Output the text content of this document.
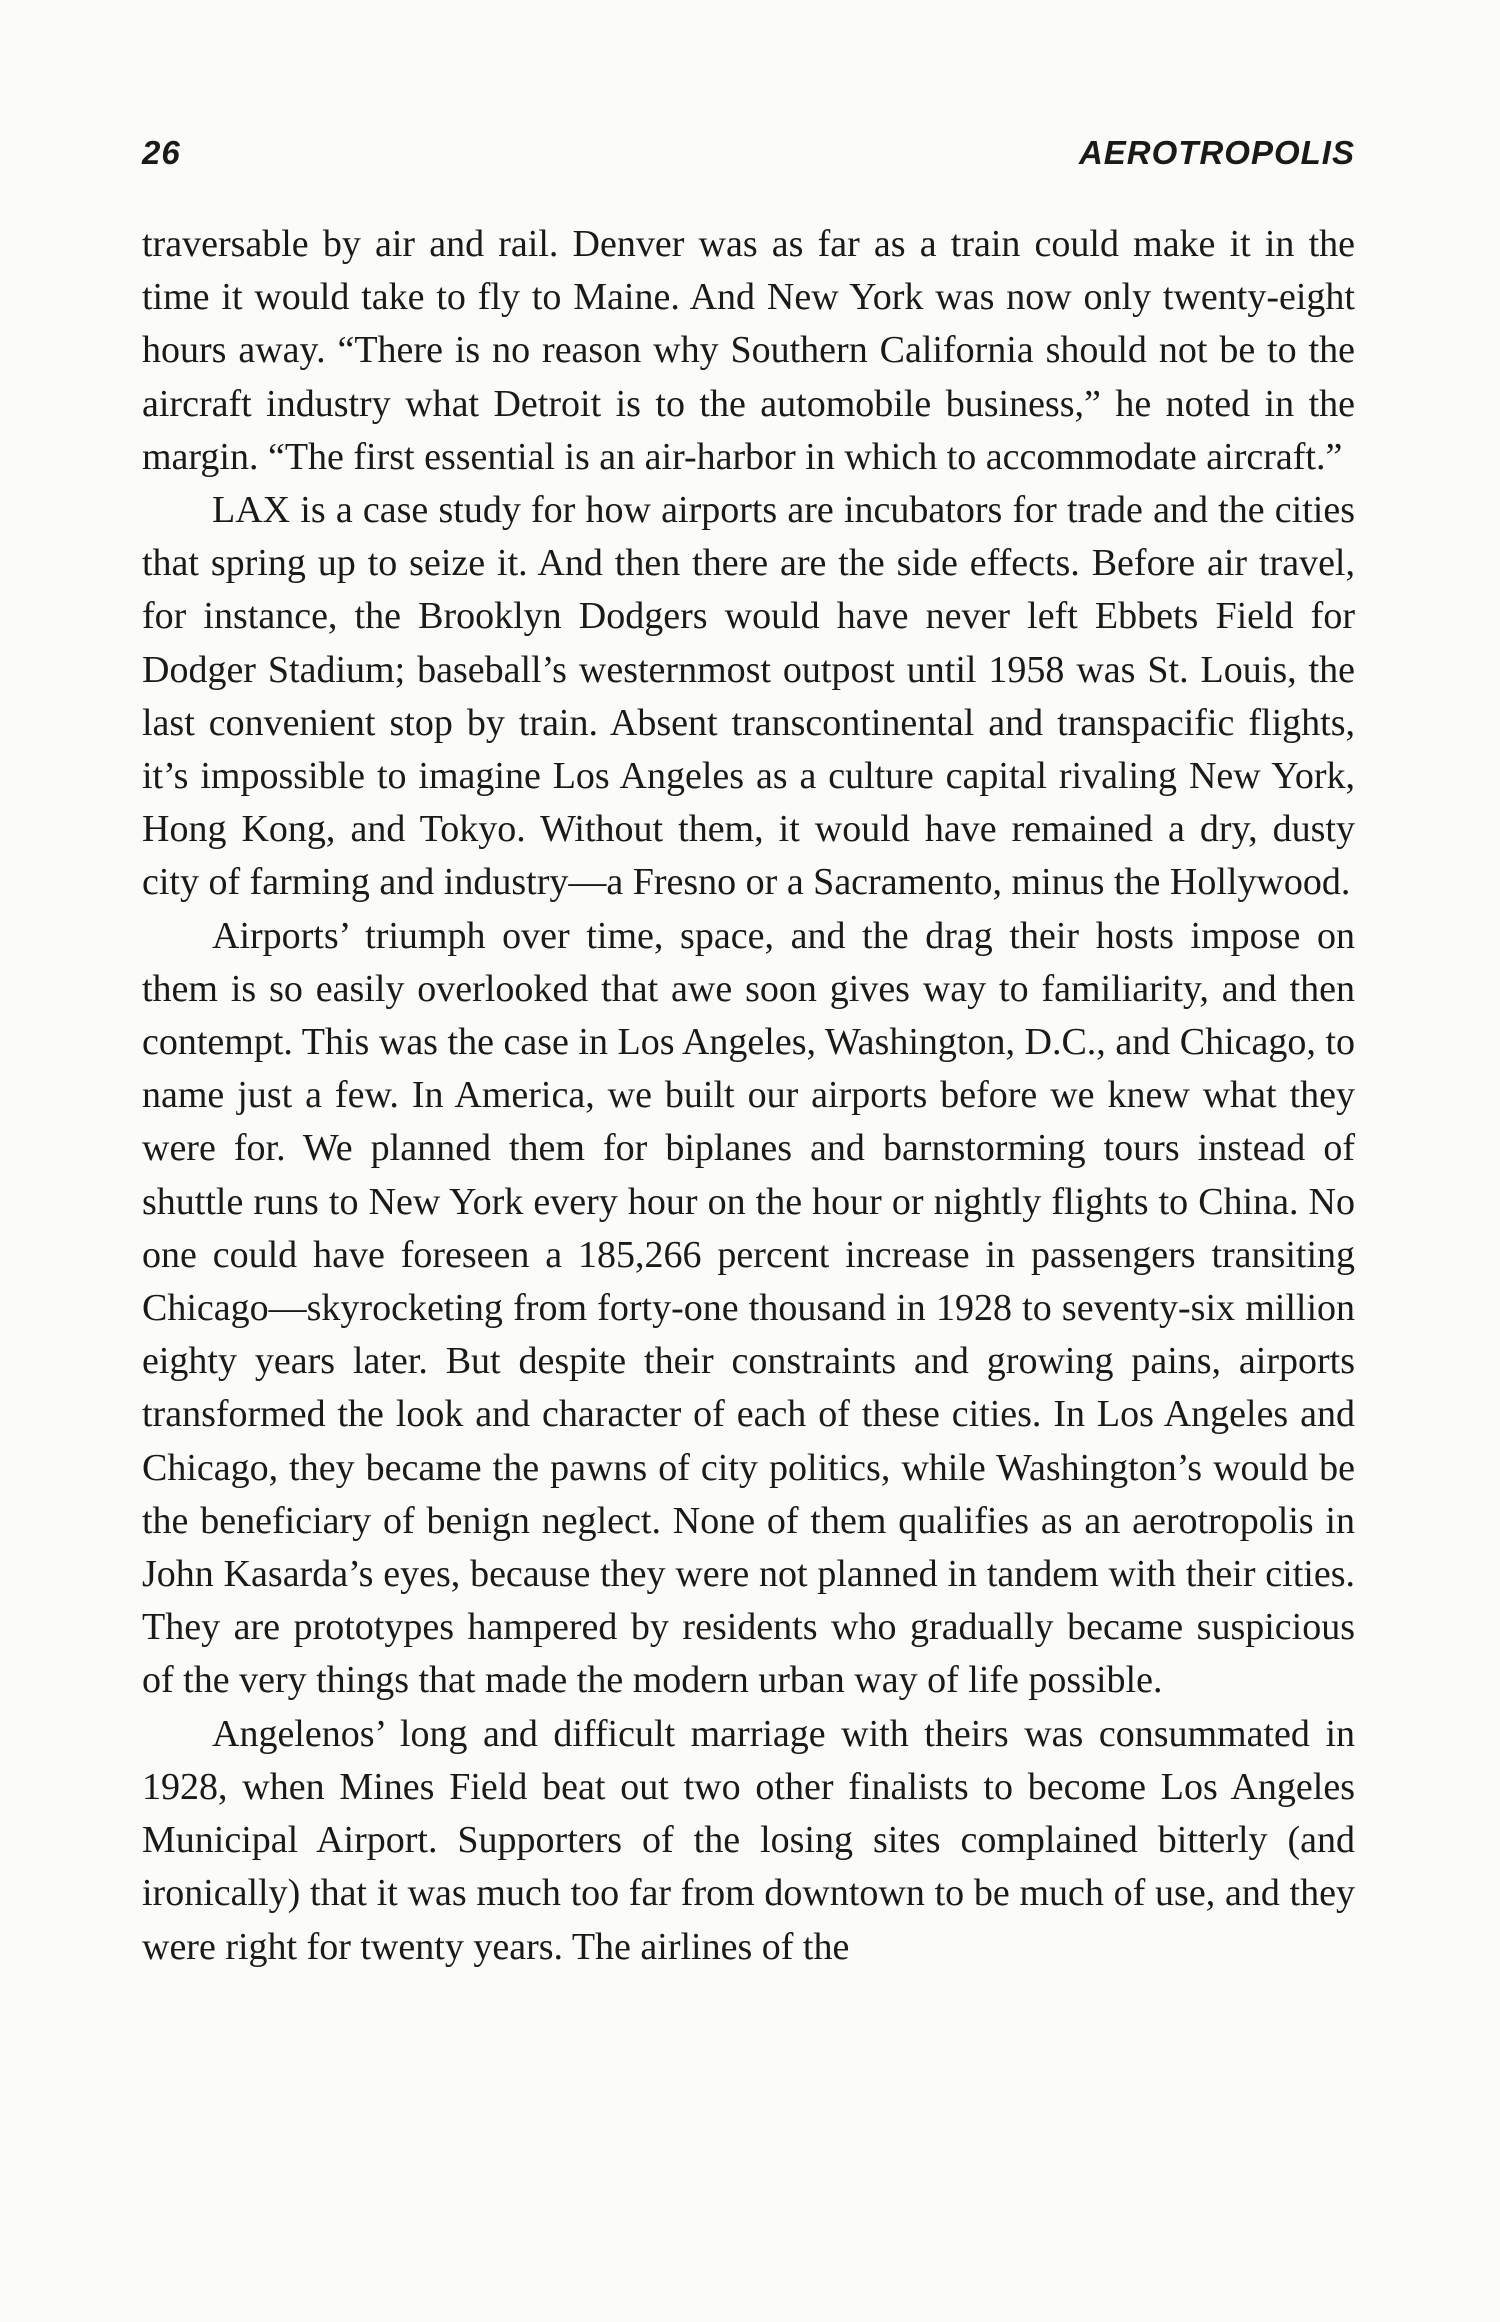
26	AEROTROPOLIS

traversable by air and rail. Denver was as far as a train could make it in the time it would take to fly to Maine. And New York was now only twenty-eight hours away. “There is no reason why Southern California should not be to the aircraft industry what Detroit is to the automobile business,” he noted in the margin. “The first essential is an air-harbor in which to accommodate aircraft.”

LAX is a case study for how airports are incubators for trade and the cities that spring up to seize it. And then there are the side effects. Before air travel, for instance, the Brooklyn Dodgers would have never left Ebbets Field for Dodger Stadium; baseball’s westernmost outpost until 1958 was St. Louis, the last convenient stop by train. Absent transcontinental and transpacific flights, it’s impossible to imagine Los Angeles as a culture capital rivaling New York, Hong Kong, and Tokyo. Without them, it would have remained a dry, dusty city of farming and industry—a Fresno or a Sacramento, minus the Hollywood.

Airports’ triumph over time, space, and the drag their hosts impose on them is so easily overlooked that awe soon gives way to familiarity, and then contempt. This was the case in Los Angeles, Washington, D.C., and Chicago, to name just a few. In America, we built our airports before we knew what they were for. We planned them for biplanes and barnstorming tours instead of shuttle runs to New York every hour on the hour or nightly flights to China. No one could have foreseen a 185,266 percent increase in passengers transiting Chicago—skyrocketing from forty-one thousand in 1928 to seventy-six million eighty years later. But despite their constraints and growing pains, airports transformed the look and character of each of these cities. In Los Angeles and Chicago, they became the pawns of city politics, while Washington’s would be the beneficiary of benign neglect. None of them qualifies as an aerotropolis in John Kasarda’s eyes, because they were not planned in tandem with their cities. They are prototypes hampered by residents who gradually became suspicious of the very things that made the modern urban way of life possible.

Angelenos’ long and difficult marriage with theirs was consummated in 1928, when Mines Field beat out two other finalists to become Los Angeles Municipal Airport. Supporters of the losing sites complained bitterly (and ironically) that it was much too far from downtown to be much of use, and they were right for twenty years. The airlines of the
